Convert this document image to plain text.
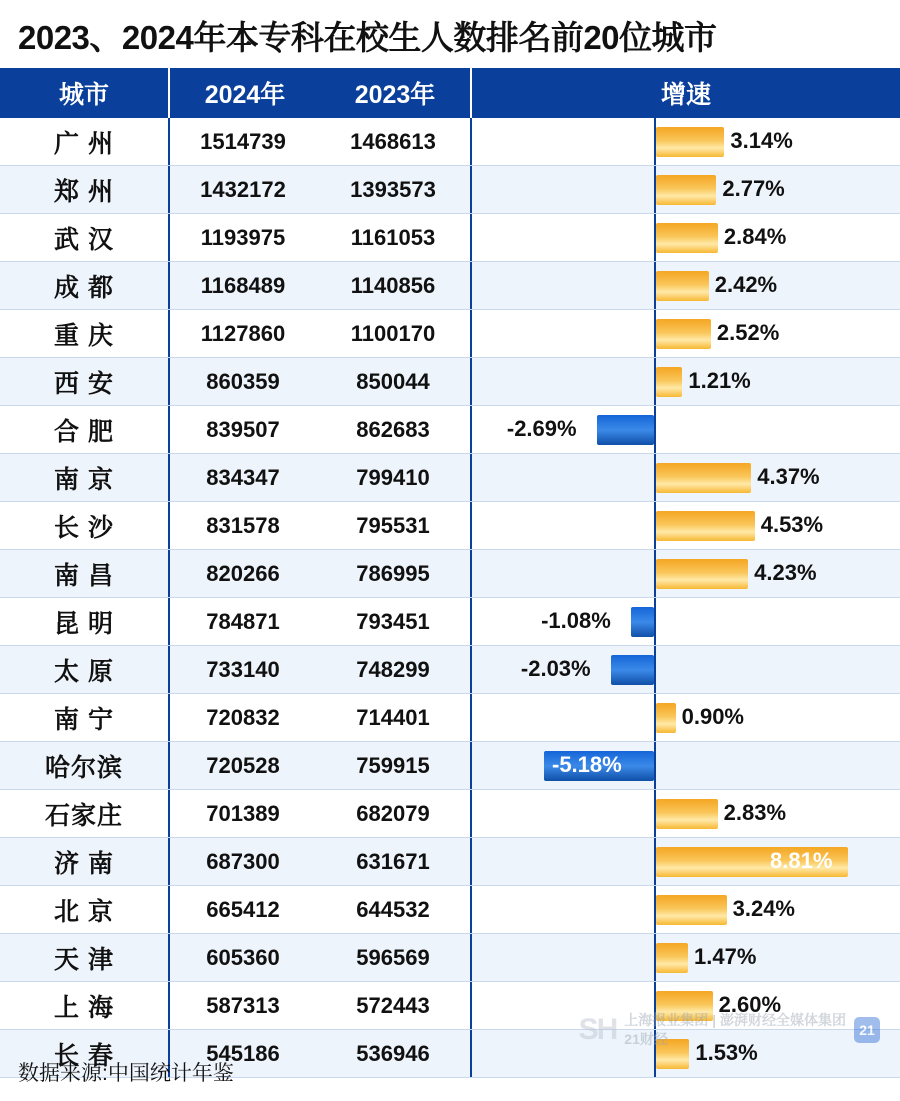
2023、2024年本专科在校生人数排名前20位城市
城市	2024年	2023年	增速
广 州	1514739	1468613	3.14%
郑 州	1432172	1393573	2.77%
武 汉	1193975	1161053	2.84%
成 都	1168489	1140856	2.42%
重 庆	1127860	1100170	2.52%
西 安	860359	850044	1.21%
合 肥	839507	862683	-2.69%
南 京	834347	799410	4.37%
长 沙	831578	795531	4.53%
南 昌	820266	786995	4.23%
昆 明	784871	793451	-1.08%
太 原	733140	748299	-2.03%
南 宁	720832	714401	0.90%
哈尔滨	720528	759915	-5.18%
石家庄	701389	682079	2.83%
济 南	687300	631671	8.81%
北 京	665412	644532	3.24%
天 津	605360	596569	1.47%
上 海	587313	572443	2.60%
长 春	545186	536946	1.53%
SH 上海报业集团 | 澎湃财经全媒体集团
21财经
21
数据来源:中国统计年鉴
